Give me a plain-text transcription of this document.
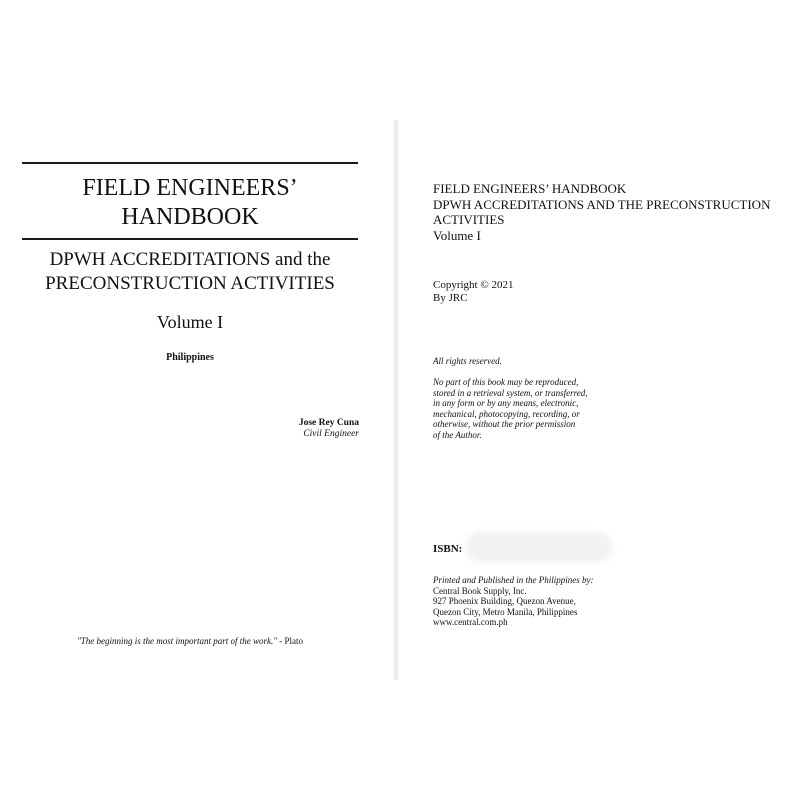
FIELD ENGINEERS’
HANDBOOK
DPWH ACCREDITATIONS and the
PRECONSTRUCTION ACTIVITIES
Volume I
Philippines
Jose Rey Cuna
Civil Engineer
"The beginning is the most important part of the work." - Plato
FIELD ENGINEERS’ HANDBOOK
DPWH ACCREDITATIONS AND THE PRECONSTRUCTION
ACTIVITIES
Volume I
Copyright © 2021
By JRC
All rights reserved.
No part of this book may be reproduced,
stored in a retrieval system, or transferred,
in any form or by any means, electronic,
mechanical, photocopying, recording, or
otherwise, without the prior permission
of the Author.
ISBN:
Printed and Published in the Philippines by:
Central Book Supply, Inc.
927 Phoenix Building, Quezon Avenue,
Quezon City, Metro Manila, Philippines
www.central.com.ph
